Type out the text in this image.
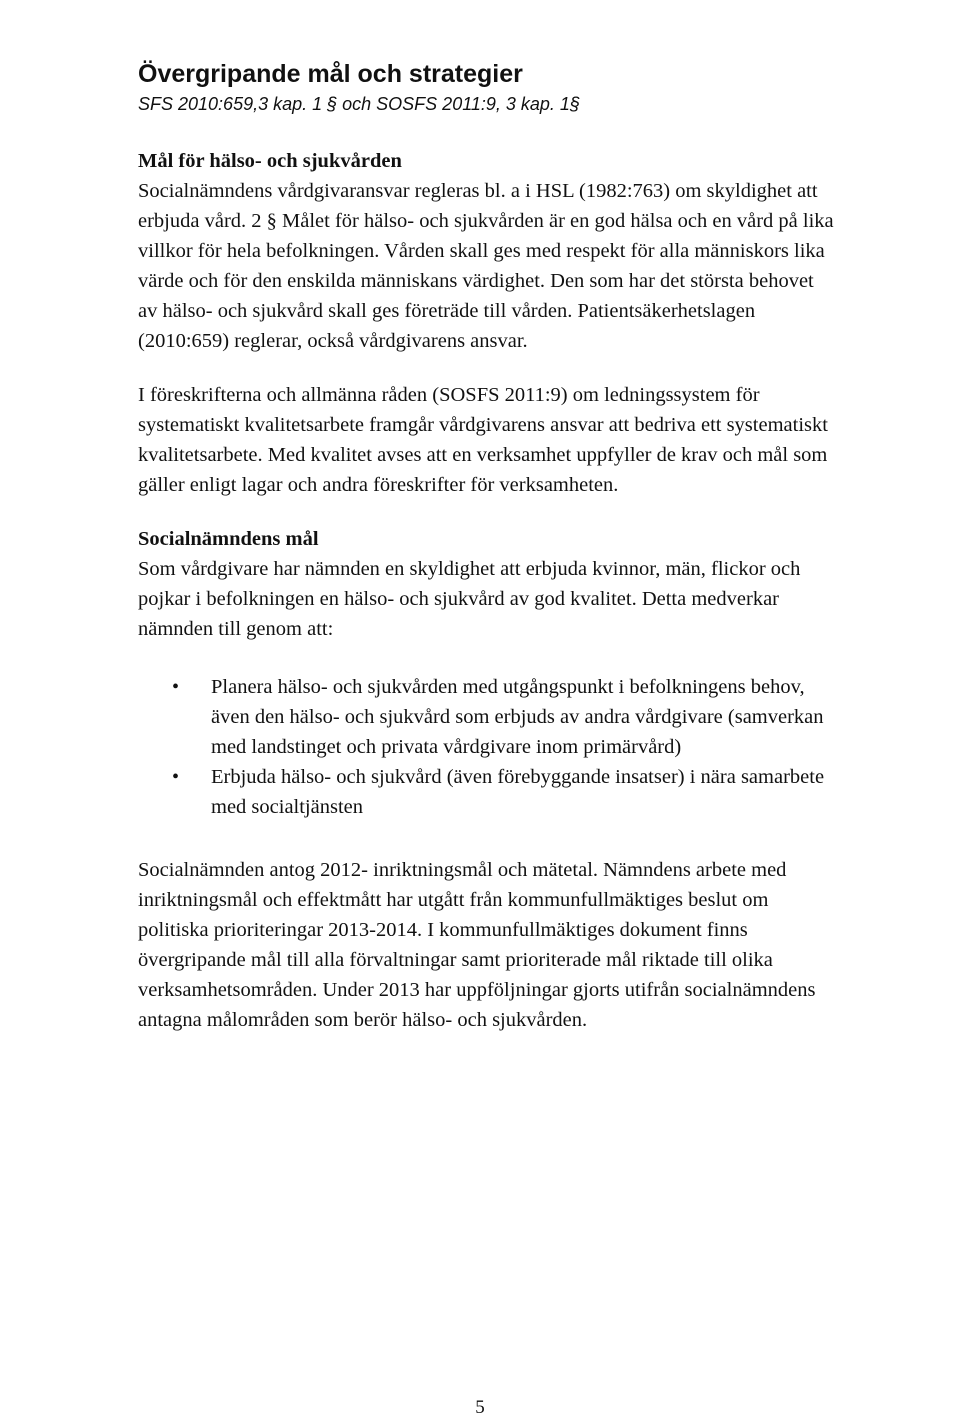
Övergripande mål och strategier

SFS 2010:659,3 kap. 1 § och SOSFS 2011:9, 3 kap. 1§

Mål för hälso- och sjukvården

Socialnämndens vårdgivaransvar regleras bl. a i HSL (1982:763) om skyldighet att erbjuda vård. 2 § Målet för hälso- och sjukvården är en god hälsa och en vård på lika villkor för hela befolkningen. Vården skall ges med respekt för alla människors lika värde och för den enskilda människans värdighet. Den som har det största behovet av hälso- och sjukvård skall ges företräde till vården. Patientsäkerhetslagen (2010:659) reglerar, också vårdgivarens ansvar.

I föreskrifterna och allmänna råden (SOSFS 2011:9) om ledningssystem för systematiskt kvalitetsarbete framgår vårdgivarens ansvar att bedriva ett systematiskt kvalitetsarbete. Med kvalitet avses att en verksamhet uppfyller de krav och mål som gäller enligt lagar och andra föreskrifter för verksamheten.

Socialnämndens mål

Som vårdgivare har nämnden en skyldighet att erbjuda kvinnor, män, flickor och pojkar i befolkningen en hälso- och sjukvård av god kvalitet. Detta medverkar nämnden till genom att:

• Planera hälso- och sjukvården med utgångspunkt i befolkningens behov, även den hälso- och sjukvård som erbjuds av andra vårdgivare (samverkan med landstinget och privata vårdgivare inom primärvård)
• Erbjuda hälso- och sjukvård (även förebyggande insatser) i nära samarbete med socialtjänsten

Socialnämnden antog 2012- inriktningsmål och mätetal. Nämndens arbete med inriktningsmål och effektmått har utgått från kommunfullmäktiges beslut om politiska prioriteringar 2013-2014. I kommunfullmäktiges dokument finns övergripande mål till alla förvaltningar samt prioriterade mål riktade till olika verksamhetsområden. Under 2013 har uppföljningar gjorts utifrån socialnämndens antagna målområden som berör hälso- och sjukvården.

5
